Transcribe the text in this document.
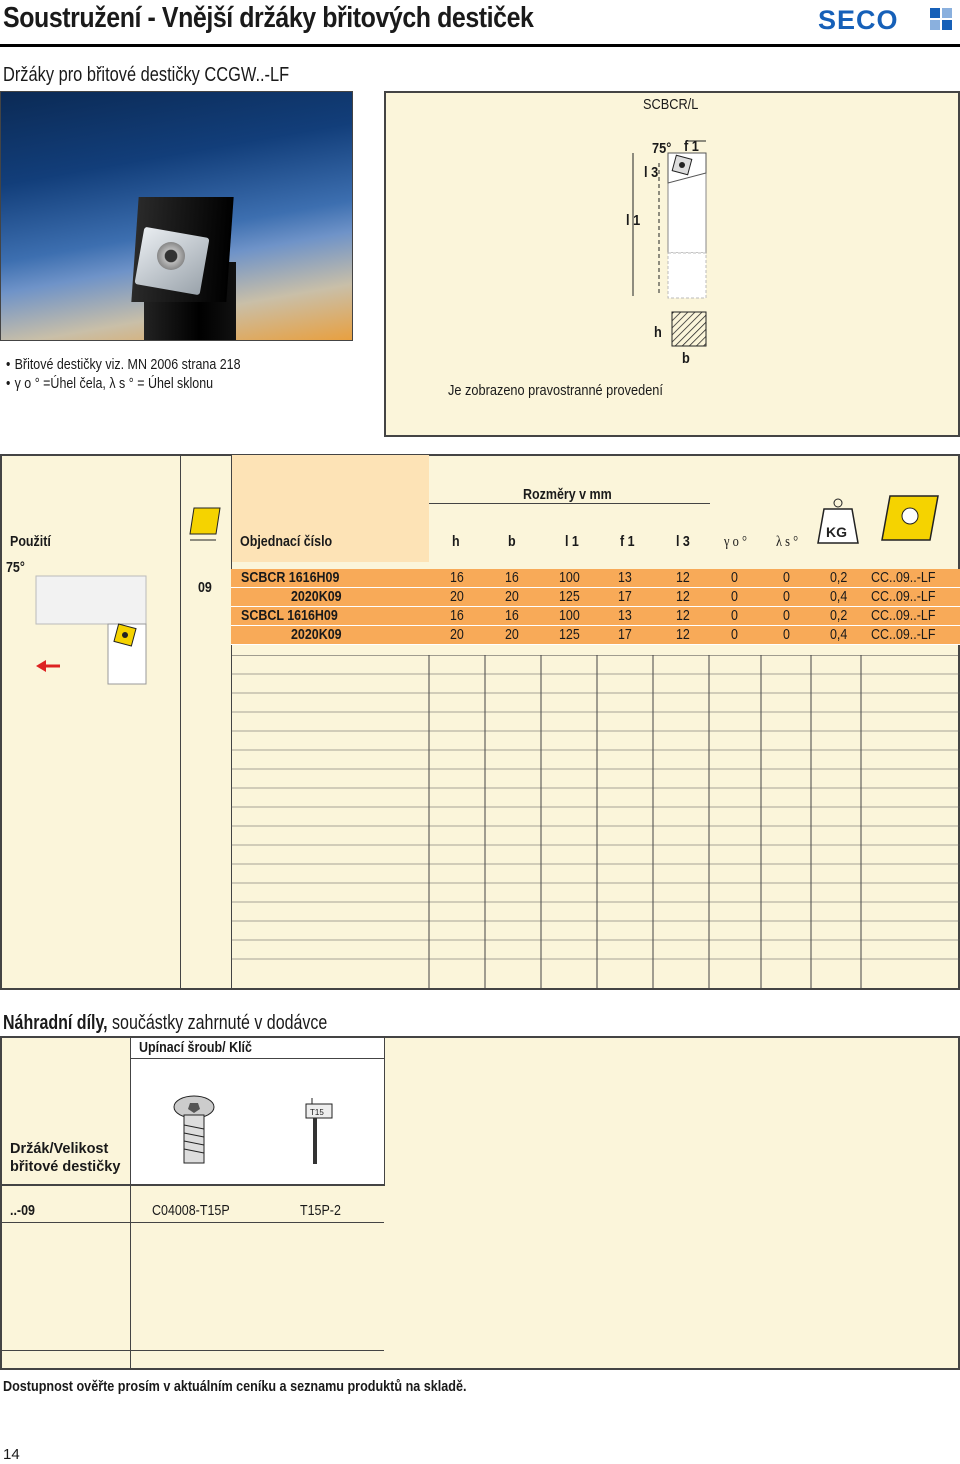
Soustružení - Vnější držáky břitových destiček	SECO
Držáky pro břitové destičky CCGW..-LF
• Břitové destičky viz. MN 2006 strana 218
• γ o ° =Úhel čela, λ s ° = Úhel sklonu
SCBCR/L
75° f 1
l 3
l 1
h
b
Je zobrazeno pravostranné provedení
Rozměry v mm
Použití	Objednací číslo	h	b	l 1	f 1	l 3 γ o ° λ s °
KG
75°
09
SCBCR 1616H09	16	16	100	13	12	0	0	0,2 CC..09..-LF
2020K09	20	20	125	17	12	0	0	0,4 CC..09..-LF
SCBCL 1616H09	16	16	100	13	12	0	0	0,2 CC..09..-LF
2020K09	20	20	125	17	12	0	0	0,4 CC..09..-LF
Náhradní díly, součástky zahrnuté v dodávce
Upínací šroub/ Klíč
Držák/Velikost břitové destičky
T15
..-09	C04008-T15P	T15P-2
Dostupnost ověřte prosím v aktuálním ceníku a seznamu produktů na skladě.
14
